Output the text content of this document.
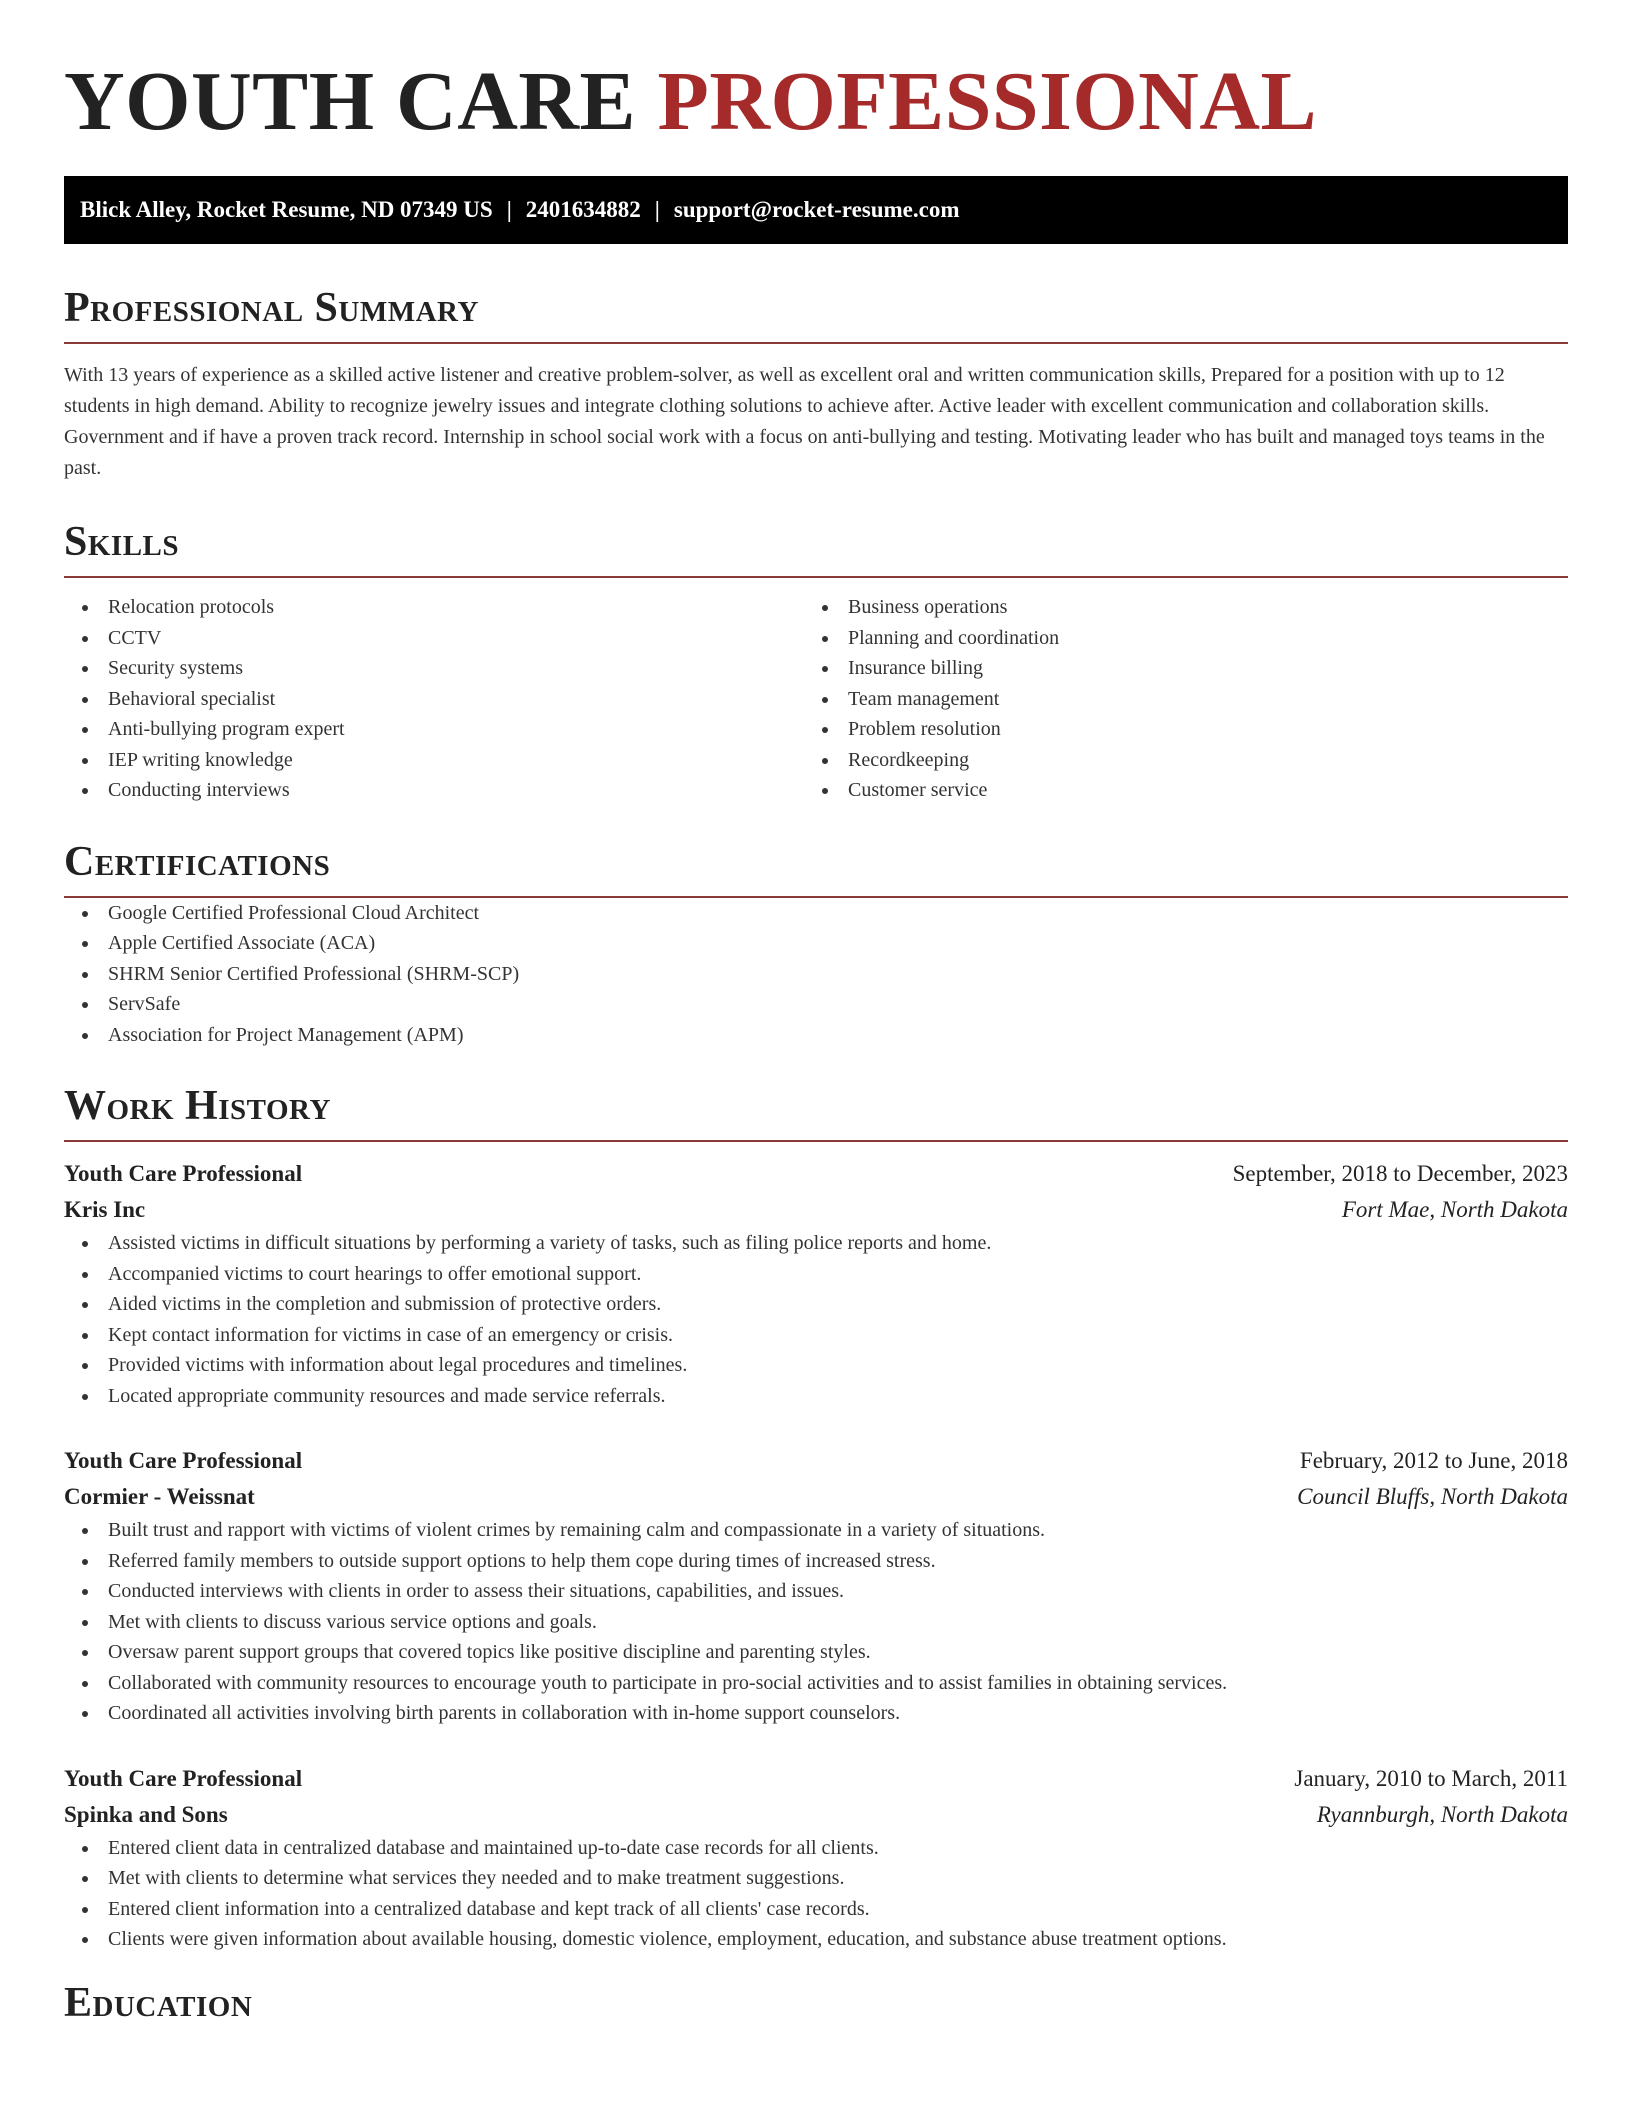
YOUTH CARE PROFESSIONAL
Blick Alley, Rocket Resume, ND 07349 US | 2401634882 | support@rocket-resume.com
Professional Summary

With 13 years of experience as a skilled active listener and creative problem-solver, as well as excellent oral and written communication skills, Prepared for a position with up to 12 students in high demand. Ability to recognize jewelry issues and integrate clothing solutions to achieve after. Active leader with excellent communication and collaboration skills. Government and if have a proven track record. Internship in school social work with a focus on anti-bullying and testing. Motivating leader who has built and managed toys teams in the past.

Skills
Relocation protocols
CCTV
Security systems
Behavioral specialist
Anti-bullying program expert
IEP writing knowledge
Conducting interviews
Business operations
Planning and coordination
Insurance billing
Team management
Problem resolution
Recordkeeping
Customer service
Certifications
Google Certified Professional Cloud Architect
Apple Certified Associate (ACA)
SHRM Senior Certified Professional (SHRM-SCP)
ServSafe
Association for Project Management (APM)
Work History
Youth Care Professional	September, 2018 to December, 2023
Kris Inc	Fort Mae, North Dakota
Assisted victims in difficult situations by performing a variety of tasks, such as filing police reports and home.
Accompanied victims to court hearings to offer emotional support.
Aided victims in the completion and submission of protective orders.
Kept contact information for victims in case of an emergency or crisis.
Provided victims with information about legal procedures and timelines.
Located appropriate community resources and made service referrals.
Youth Care Professional	February, 2012 to June, 2018
Cormier - Weissnat	Council Bluffs, North Dakota
Built trust and rapport with victims of violent crimes by remaining calm and compassionate in a variety of situations.
Referred family members to outside support options to help them cope during times of increased stress.
Conducted interviews with clients in order to assess their situations, capabilities, and issues.
Met with clients to discuss various service options and goals.
Oversaw parent support groups that covered topics like positive discipline and parenting styles.
Collaborated with community resources to encourage youth to participate in pro-social activities and to assist families in obtaining services.
Coordinated all activities involving birth parents in collaboration with in-home support counselors.
Youth Care Professional	January, 2010 to March, 2011
Spinka and Sons	Ryannburgh, North Dakota
Entered client data in centralized database and maintained up-to-date case records for all clients.
Met with clients to determine what services they needed and to make treatment suggestions.
Entered client information into a centralized database and kept track of all clients' case records.
Clients were given information about available housing, domestic violence, employment, education, and substance abuse treatment options.
Education
